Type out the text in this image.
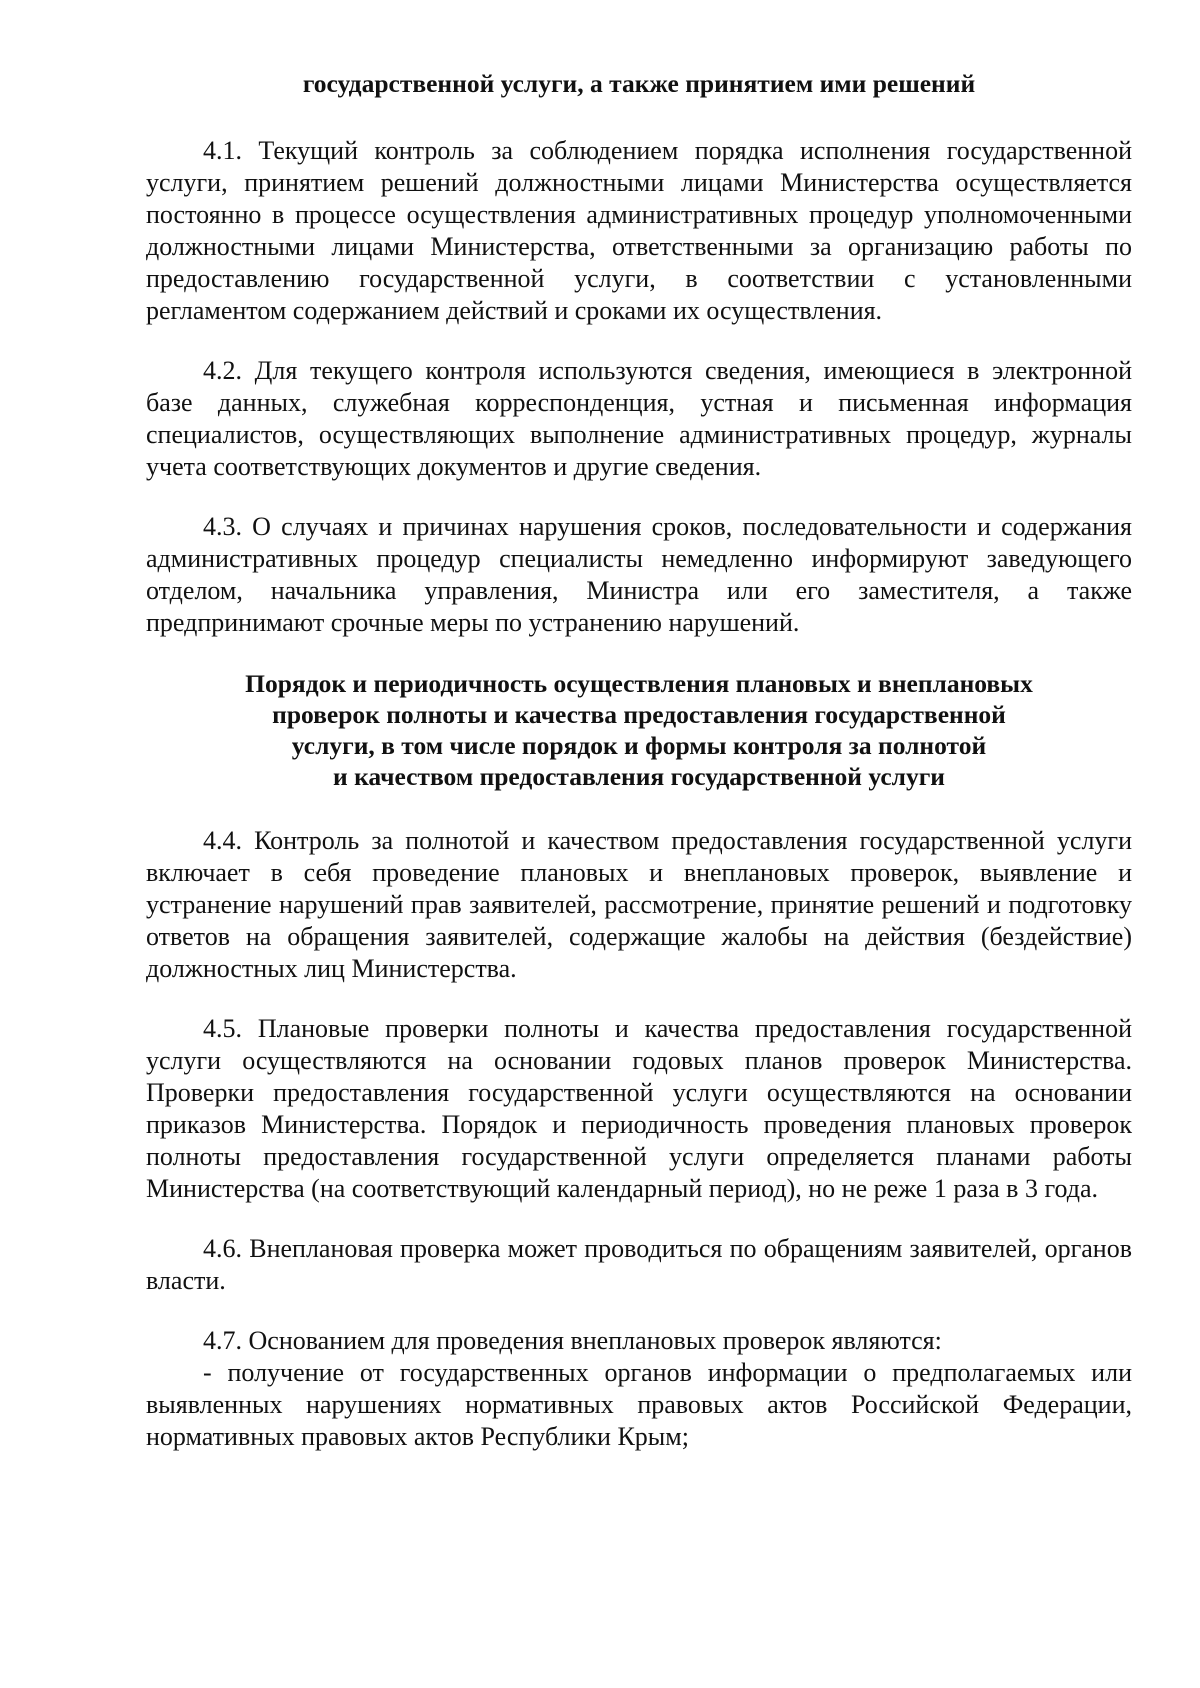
государственной услуги, а также принятием ими решений

4.1. Текущий контроль за соблюдением порядка исполнения государственной услуги, принятием решений должностными лицами Министерства осуществляется постоянно в процессе осуществления административных процедур уполномоченными должностными лицами Министерства, ответственными за организацию работы по предоставлению государственной услуги, в соответствии с установленными регламентом содержанием действий и сроками их осуществления.

4.2. Для текущего контроля используются сведения, имеющиеся в электронной базе данных, служебная корреспонденция, устная и письменная информация специалистов, осуществляющих выполнение административных процедур, журналы учета соответствующих документов и другие сведения.

4.3. О случаях и причинах нарушения сроков, последовательности и содержания административных процедур специалисты немедленно информируют заведующего отделом, начальника управления, Министра или его заместителя, а также предпринимают срочные меры по устранению нарушений.

Порядок и периодичность осуществления плановых и внеплановых
проверок полноты и качества предоставления государственной
услуги, в том числе порядок и формы контроля за полнотой
и качеством предоставления государственной услуги

4.4. Контроль за полнотой и качеством предоставления государственной услуги включает в себя проведение плановых и внеплановых проверок, выявление и устранение нарушений прав заявителей, рассмотрение, принятие решений и подготовку ответов на обращения заявителей, содержащие жалобы на действия (бездействие) должностных лиц Министерства.

4.5. Плановые проверки полноты и качества предоставления государственной услуги осуществляются на основании годовых планов проверок Министерства. Проверки предоставления государственной услуги осуществляются на основании приказов Министерства. Порядок и периодичность проведения плановых проверок полноты предоставления государственной услуги определяется планами работы Министерства (на соответствующий календарный период), но не реже 1 раза в 3 года.

4.6. Внеплановая проверка может проводиться по обращениям заявителей, органов власти.

4.7. Основанием для проведения внеплановых проверок являются:

- получение от государственных органов информации о предполагаемых или выявленных нарушениях нормативных правовых актов Российской Федерации, нормативных правовых актов Республики Крым;
